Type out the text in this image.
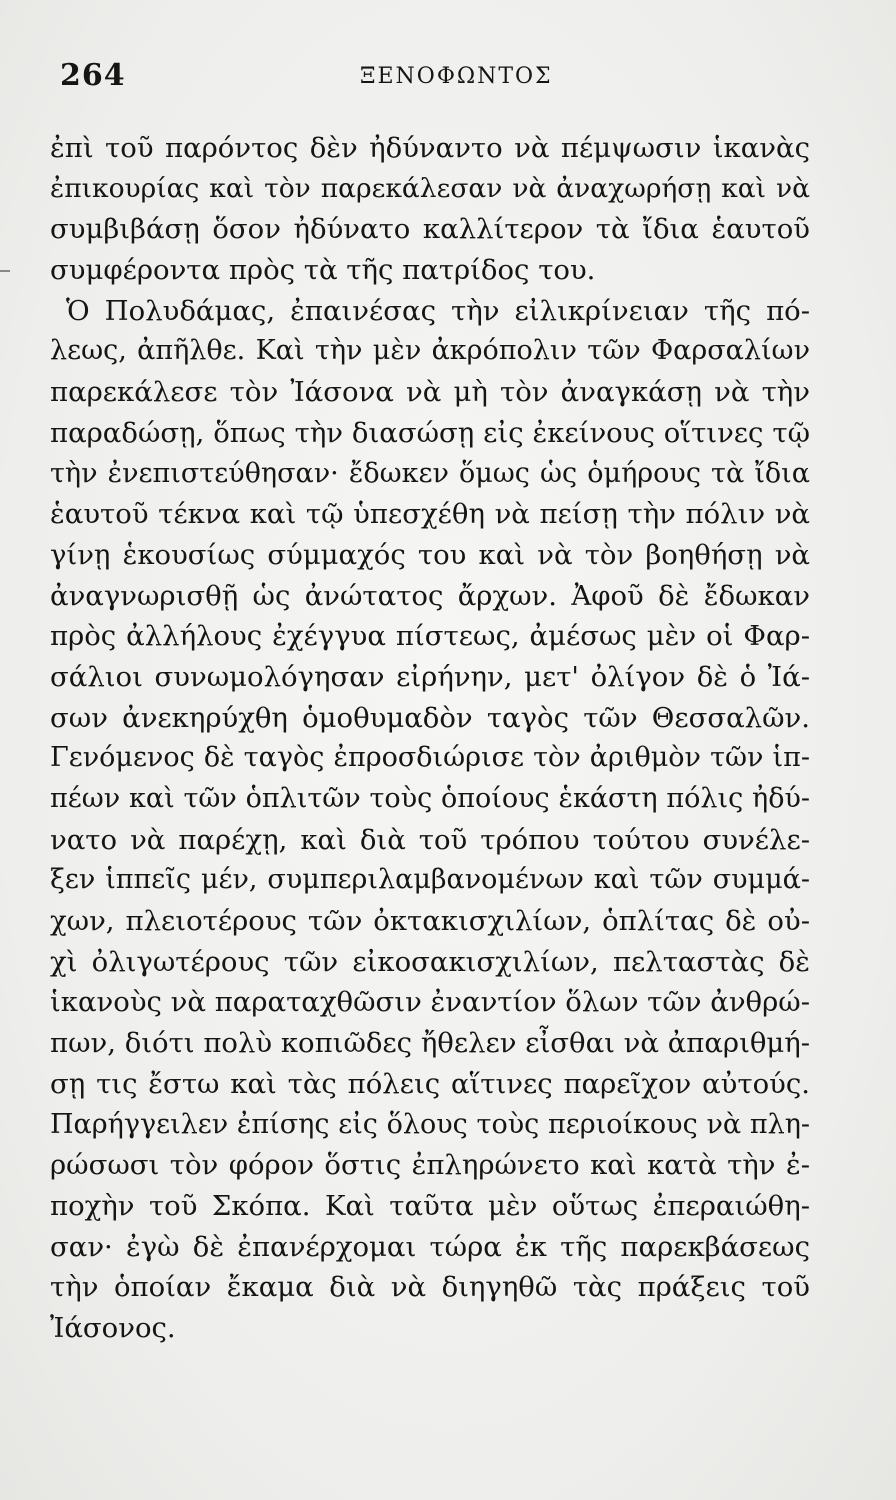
264	ΞΕΝΟΦΩΝΤΟΣ
ἐπὶ τοῦ παρόντος δὲν ἠδύναντο νὰ πέμψωσιν ἱκανὰς
ἐπικουρίας καὶ τὸν παρεκάλεσαν νὰ ἀναχωρήσῃ καὶ νὰ
συμβιβάσῃ ὅσον ἠδύνατο καλλίτερον τὰ ἴδια ἑαυτοῦ
συμφέροντα πρὸς τὰ τῆς πατρίδος του.
Ὁ Πολυδάμας, ἐπαινέσας τὴν εἰλικρίνειαν τῆς πό-
λεως, ἀπῆλθε. Καὶ τὴν μὲν ἀκρόπολιν τῶν Φαρσαλίων
παρεκάλεσε τὸν Ἰάσονα νὰ μὴ τὸν ἀναγκάσῃ νὰ τὴν
παραδώσῃ, ὅπως τὴν διασώσῃ εἰς ἐκείνους οἵτινες τῷ
τὴν ἐνεπιστεύθησαν· ἔδωκεν ὅμως ὡς ὁμήρους τὰ ἴδια
ἑαυτοῦ τέκνα καὶ τῷ ὑπεσχέθη νὰ πείσῃ τὴν πόλιν νὰ
γίνῃ ἑκουσίως σύμμαχός του καὶ νὰ τὸν βοηθήσῃ νὰ
ἀναγνωρισθῇ ὡς ἀνώτατος ἄρχων. Ἀφοῦ δὲ ἔδωκαν
πρὸς ἀλλήλους ἐχέγγυα πίστεως, ἀμέσως μὲν οἱ Φαρ-
σάλιοι συνωμολόγησαν εἰρήνην, μετ' ὀλίγον δὲ ὁ Ἰά-
σων ἀνεκηρύχθη ὁμοθυμαδὸν ταγὸς τῶν Θεσσαλῶν.
Γενόμενος δὲ ταγὸς ἐπροσδιώρισε τὸν ἀριθμὸν τῶν ἱπ-
πέων καὶ τῶν ὁπλιτῶν τοὺς ὁποίους ἑκάστη πόλις ἠδύ-
νατο νὰ παρέχῃ, καὶ διὰ τοῦ τρόπου τούτου συνέλε-
ξεν ἱππεῖς μέν, συμπεριλαμβανομένων καὶ τῶν συμμά-
χων, πλειοτέρους τῶν ὀκτακισχιλίων, ὁπλίτας δὲ οὐ-
χὶ ὀλιγωτέρους τῶν εἰκοσακισχιλίων, πελταστὰς δὲ
ἱκανοὺς νὰ παραταχθῶσιν ἐναντίον ὅλων τῶν ἀνθρώ-
πων, διότι πολὺ κοπιῶδες ἤθελεν εἶσθαι νὰ ἀπαριθμή-
σῃ τις ἔστω καὶ τὰς πόλεις αἵτινες παρεῖχον αὐτούς.
Παρήγγειλεν ἐπίσης εἰς ὅλους τοὺς περιοίκους νὰ πλη-
ρώσωσι τὸν φόρον ὅστις ἐπληρώνετο καὶ κατὰ τὴν ἐ-
ποχὴν τοῦ Σκόπα. Καὶ ταῦτα μὲν οὕτως ἐπεραιώθη-
σαν· ἐγὼ δὲ ἐπανέρχομαι τώρα ἐκ τῆς παρεκβάσεως
τὴν ὁποίαν ἔκαμα διὰ νὰ διηγηθῶ τὰς πράξεις τοῦ
Ἰάσονος.
